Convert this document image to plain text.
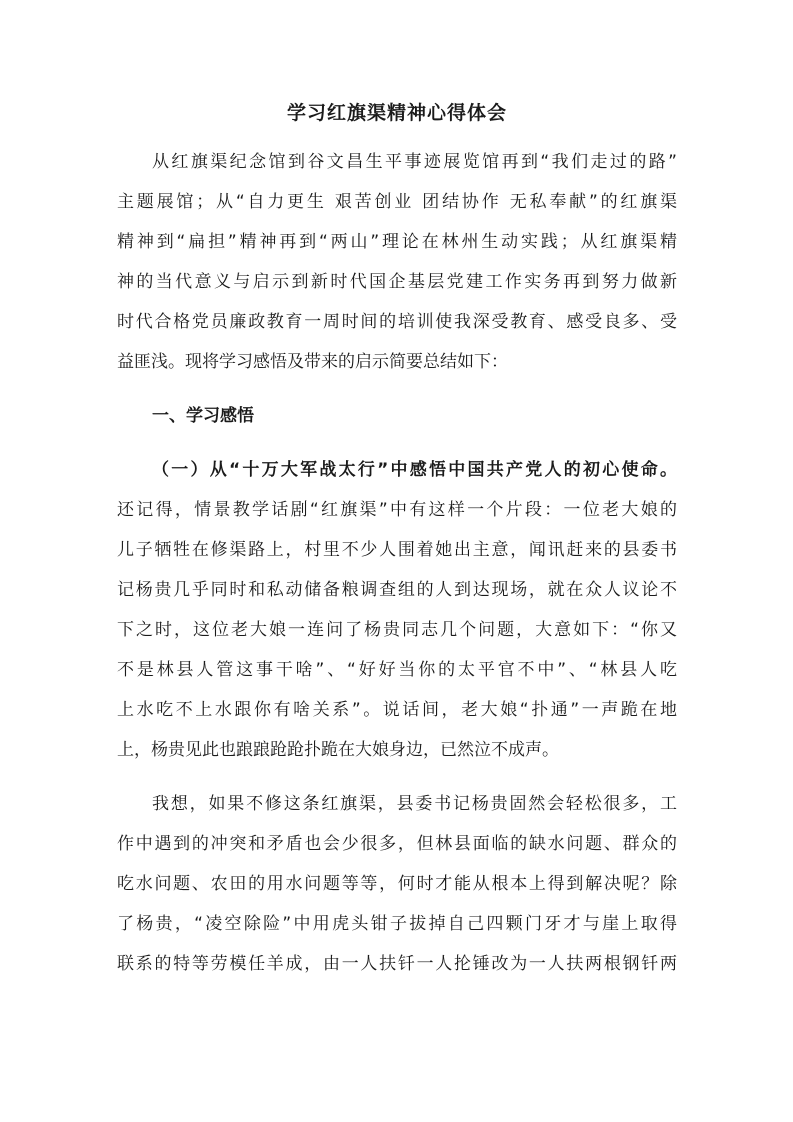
学习红旗渠精神心得体会
从红旗渠纪念馆到谷文昌生平事迹展览馆再到“我们走过的路”
主题展馆；从“自力更生 艰苦创业 团结协作 无私奉献”的红旗渠
精神到“扁担”精神再到“两山”理论在林州生动实践；从红旗渠精
神的当代意义与启示到新时代国企基层党建工作实务再到努力做新
时代合格党员廉政教育一周时间的培训使我深受教育、感受良多、受
益匪浅。现将学习感悟及带来的启示简要总结如下：
一、学习感悟
（一）从“十万大军战太行”中感悟中国共产党人的初心使命。
还记得，情景教学话剧“红旗渠”中有这样一个片段：一位老大娘的
儿子牺牲在修渠路上，村里不少人围着她出主意，闻讯赶来的县委书
记杨贵几乎同时和私动储备粮调查组的人到达现场，就在众人议论不
下之时，这位老大娘一连问了杨贵同志几个问题，大意如下：“你又
不是林县人管这事干啥”、“好好当你的太平官不中”、“林县人吃
上水吃不上水跟你有啥关系”。说话间，老大娘“扑通”一声跪在地
上，杨贵见此也踉踉跄跄扑跪在大娘身边，已然泣不成声。
我想，如果不修这条红旗渠，县委书记杨贵固然会轻松很多，工
作中遇到的冲突和矛盾也会少很多，但林县面临的缺水问题、群众的
吃水问题、农田的用水问题等等，何时才能从根本上得到解决呢？除
了杨贵，“凌空除险”中用虎头钳子拔掉自己四颗门牙才与崖上取得
联系的特等劳模任羊成，由一人扶钎一人抡锤改为一人扶两根钢钎两
